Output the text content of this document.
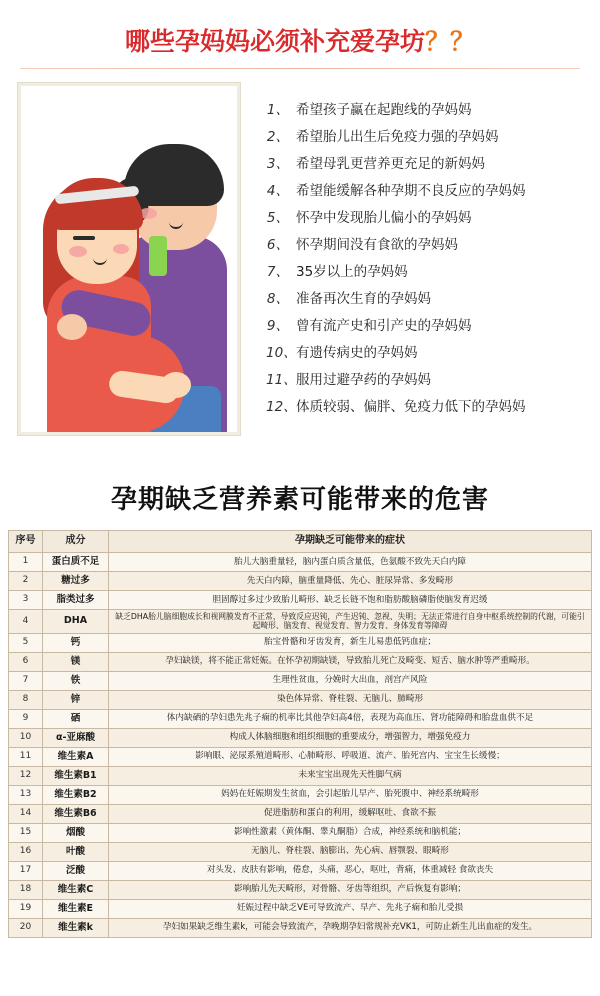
哪些孕妈妈必须补充爱孕坊？？
1、 希望孩子赢在起跑线的孕妈妈
2、 希望胎儿出生后免疫力强的孕妈妈
3、 希望母乳更营养更充足的新妈妈
4、 希望能缓解各种孕期不良反应的孕妈妈
5、 怀孕中发现胎儿偏小的孕妈妈
6、 怀孕期间没有食欲的孕妈妈
7、 35岁以上的孕妈妈
8、 准备再次生育的孕妈妈
9、 曾有流产史和引产史的孕妈妈
10、 有遗传病史的孕妈妈
11、 服用过避孕药的孕妈妈
12、 体质较弱、偏胖、免疫力低下的孕妈妈
孕期缺乏营养素可能带来的危害
序号	成分	孕期缺乏可能带来的症状
1	蛋白质不足	胎儿大脑重量轻，脑内蛋白质含量低，色氨酸不致先天白内障
2	糖过多	先天白内障，脑重量降低、先心、脏尿异常、多发畸形
3	脂类过多	胆固醇过多过少致胎儿畸形、缺乏长链不饱和脂肪酸脑磷脂使脑发育迟缓
4	DHA	缺乏DHA胎儿脑细胞成长和视网膜发育不正常，导致反应迟钝，产生迟钝、忽视、失明；无法正常进行自身中枢系统控制的代谢，可能引起畸形、脑发育、视觉发育、智力发育、身体发育等障碍
5	钙	胎宝骨骼和牙齿发育，新生儿易患低钙血症；
6	镁	孕妇缺镁，将不能正常妊娠。在怀孕初期缺镁，导致胎儿死亡及畸变、短舌、脑水肿等严重畸形。
7	铁	生理性贫血，分娩时大出血，剖宫产风险
8	锌	染色体异常、脊柱裂、无脑儿、肺畸形
9	硒	体内缺硒的孕妇患先兆子痫的机率比其他孕妇高4倍，表现为高血压、肾功能障碍和胎盘血供不足
10	α-亚麻酸	构成人体脑细胞和组织细胞的重要成分，增强智力，增强免疫力
11	维生素A	影响眼、泌尿系殖道畸形、心肺畸形、呼吸道、流产、胎死宫内、宝宝生长缓慢；
12	维生素B1	未来宝宝出现先天性脚气病
13	维生素B2	妈妈在妊娠期发生贫血，会引起胎儿早产、胎死腹中、神经系统畸形
14	维生素B6	促进脂肪和蛋白的利用，缓解呕吐、食欲不振
15	烟酸	影响性激素（黄体酮、睾丸酮脂）合成，神经系统和脑机能；
16	叶酸	无脑儿、脊柱裂、脑膨出、先心病、唇颚裂、眼畸形
17	泛酸	对头发、皮肤有影响，倦怠，头痛，恶心，呕吐，背痛，体重减轻 食欲丧失
18	维生素C	影响胎儿先天畸形，对骨骼、牙齿等组织，产后恢复有影响；
19	维生素E	妊娠过程中缺乏VE可导致流产、早产、先兆子痫和胎儿受损
20	维生素k	孕妇如果缺乏维生素k，可能会导致流产，孕晚期孕妇常规补充VK1，可防止新生儿出血症的发生。
